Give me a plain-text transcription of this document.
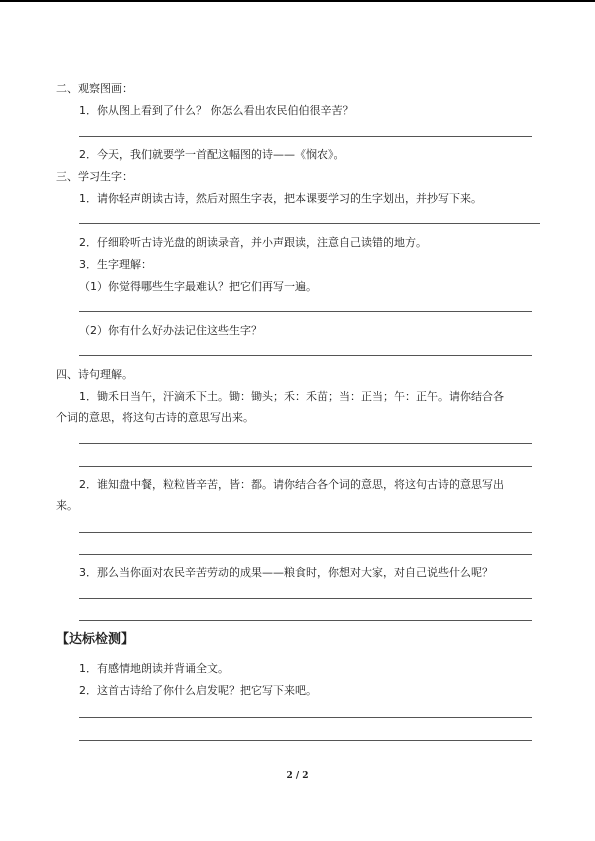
二、观察图画：
1．你从图上看到了什么？ 你怎么看出农民伯伯很辛苦？
2．今天，我们就要学一首配这幅图的诗——《悯农》。
三、学习生字：
1．请你轻声朗读古诗，然后对照生字表，把本课要学习的生字划出，并抄写下来。
2．仔细聆听古诗光盘的朗读录音，并小声跟读，注意自己读错的地方。
3．生字理解：
（1）你觉得哪些生字最难认？把它们再写一遍。
（2）你有什么好办法记住这些生字？
四、诗句理解。
1．锄禾日当午，汗滴禾下土。锄：锄头；禾：禾苗；当：正当；午：正午。请你结合各
个词的意思，将这句古诗的意思写出来。
2．谁知盘中餐，粒粒皆辛苦，皆：都。请你结合各个词的意思，将这句古诗的意思写出
来。
3．那么当你面对农民辛苦劳动的成果——粮食时，你想对大家，对自己说些什么呢？
【达标检测】
1．有感情地朗读并背诵全文。
2．这首古诗给了你什么启发呢？把它写下来吧。
2 / 2
